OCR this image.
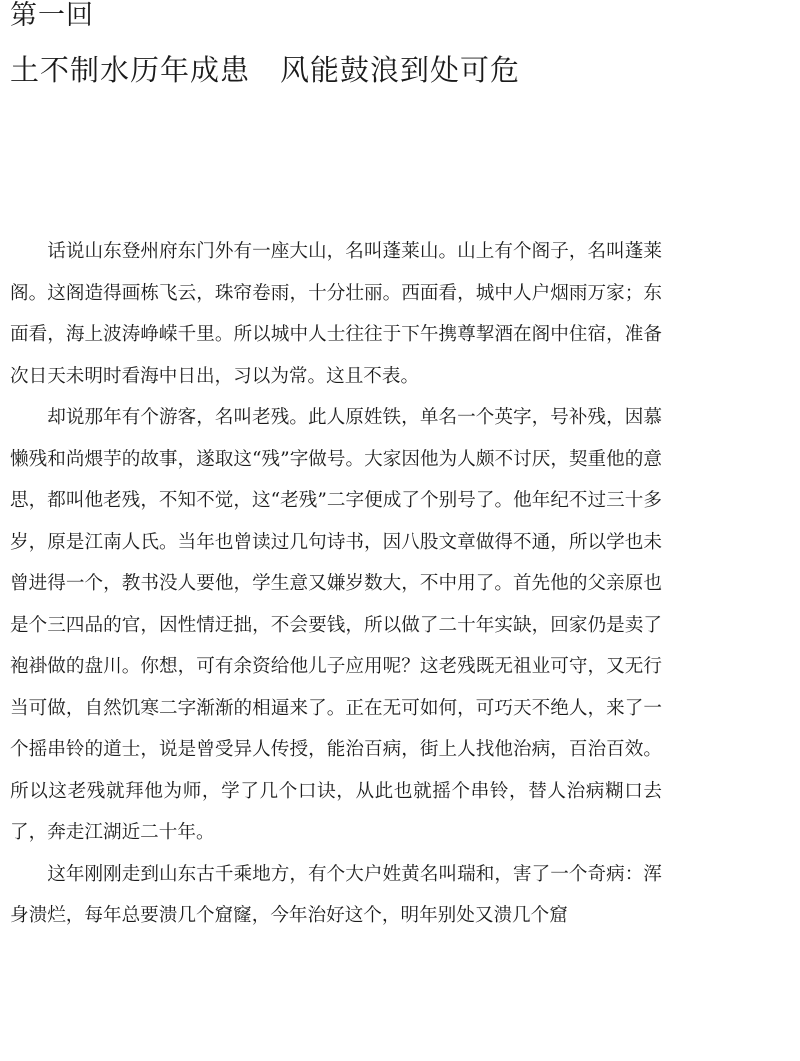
第一回
土不制水历年成患　风能鼓浪到处可危

话说山东登州府东门外有一座大山，名叫蓬莱山。山上有个阁子，名叫蓬莱阁。这阁造得画栋飞云，珠帘卷雨，十分壮丽。西面看，城中人户烟雨万家；东面看，海上波涛峥嵘千里。所以城中人士往往于下午携尊挈酒在阁中住宿，准备次日天未明时看海中日出，习以为常。这且不表。

却说那年有个游客，名叫老残。此人原姓铁，单名一个英字，号补残，因慕懒残和尚煨芋的故事，遂取这“残”字做号。大家因他为人颇不讨厌，契重他的意思，都叫他老残，不知不觉，这“老残”二字便成了个别号了。他年纪不过三十多岁，原是江南人氏。当年也曾读过几句诗书，因八股文章做得不通，所以学也未曾进得一个，教书没人要他，学生意又嫌岁数大，不中用了。首先他的父亲原也是个三四品的官，因性情迂拙，不会要钱，所以做了二十年实缺，回家仍是卖了袍褂做的盘川。你想，可有余资给他儿子应用呢？这老残既无祖业可守，又无行当可做，自然饥寒二字渐渐的相逼来了。正在无可如何，可巧天不绝人，来了一个摇串铃的道士，说是曾受异人传授，能治百病，街上人找他治病，百治百效。所以这老残就拜他为师，学了几个口诀，从此也就摇个串铃，替人治病糊口去了，奔走江湖近二十年。

这年刚刚走到山东古千乘地方，有个大户姓黄名叫瑞和，害了一个奇病：浑身溃烂，每年总要溃几个窟窿，今年治好这个，明年别处又溃几个窟
